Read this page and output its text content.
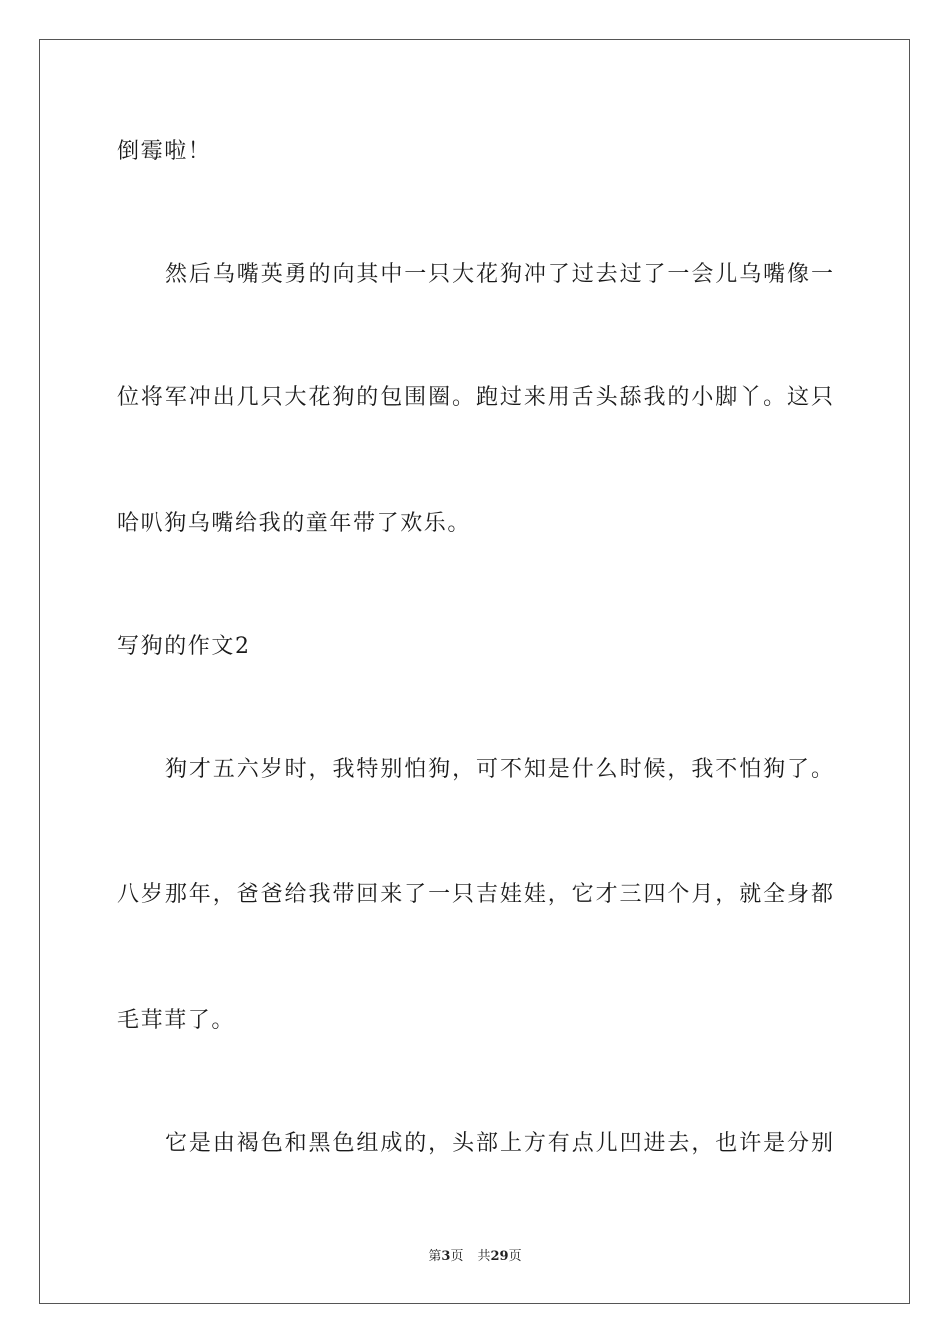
倒霉啦！
然后乌嘴英勇的向其中一只大花狗冲了过去过了一会儿乌嘴像一
位将军冲出几只大花狗的包围圈。跑过来用舌头舔我的小脚丫。这只
哈叭狗乌嘴给我的童年带了欢乐。
写狗的作文2
狗才五六岁时，我特别怕狗，可不知是什么时候，我不怕狗了。
八岁那年，爸爸给我带回来了一只吉娃娃，它才三四个月，就全身都
毛茸茸了。
它是由褐色和黑色组成的，头部上方有点儿凹进去，也许是分别
第3页 共29页
